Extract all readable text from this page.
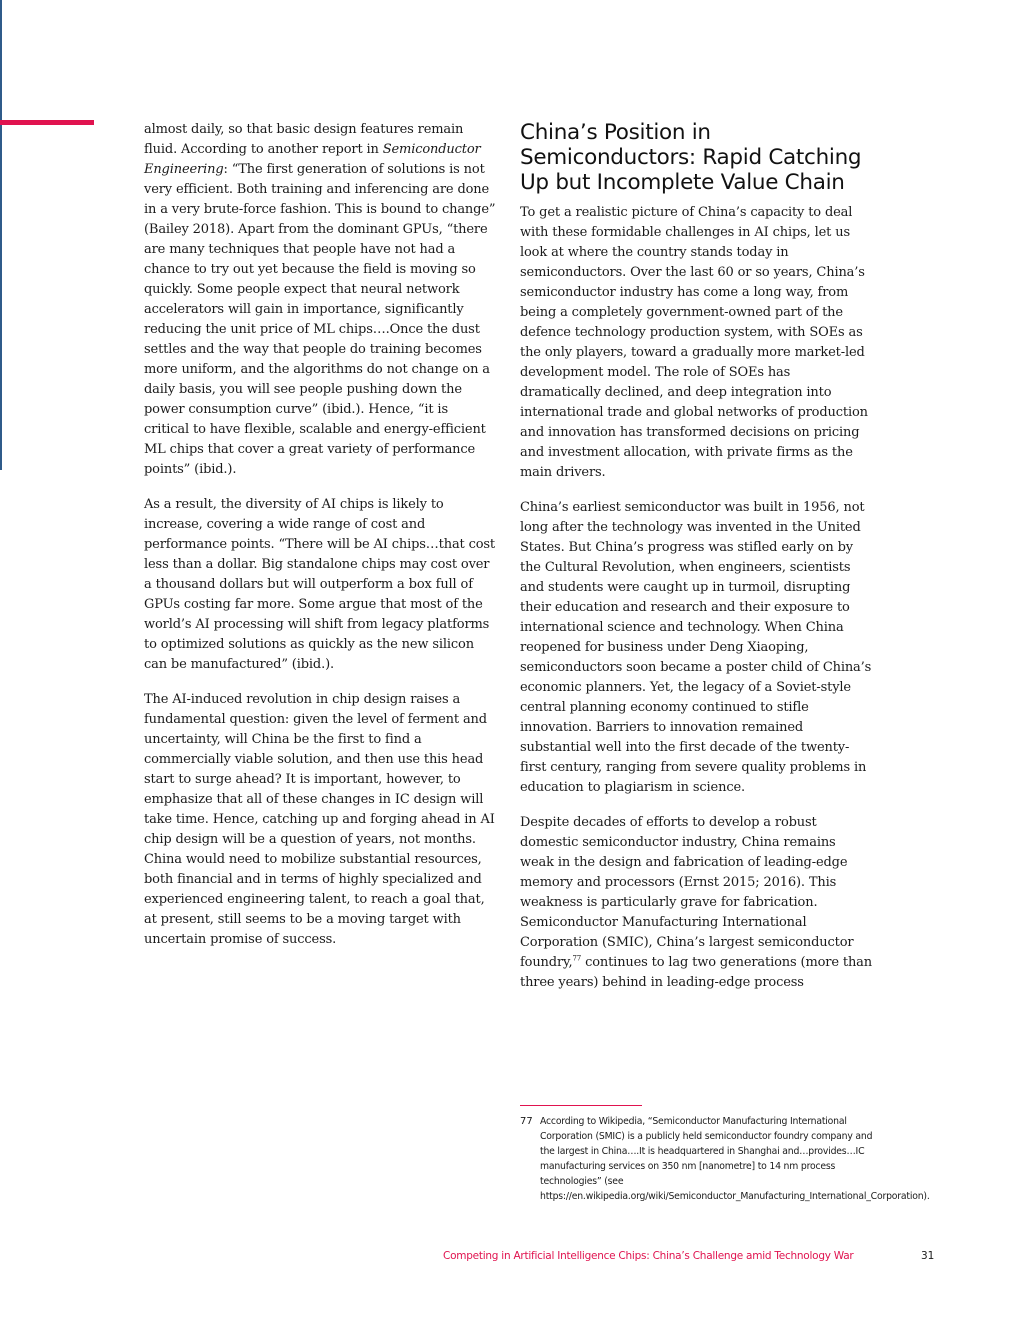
almost daily, so that basic design features remain fluid. According to another report in Semiconductor Engineering: “The first generation of solutions is not very efficient. Both training and inferencing are done in a very brute-force fashion. This is bound to change” (Bailey 2018). Apart from the dominant GPUs, “there are many techniques that people have not had a chance to try out yet because the field is moving so quickly. Some people expect that neural network accelerators will gain in importance, significantly reducing the unit price of ML chips….Once the dust settles and the way that people do training becomes more uniform, and the algorithms do not change on a daily basis, you will see people pushing down the power consumption curve” (ibid.). Hence, “it is critical to have flexible, scalable and energy-efficient ML chips that cover a great variety of performance points” (ibid.).

As a result, the diversity of AI chips is likely to increase, covering a wide range of cost and performance points. “There will be AI chips…that cost less than a dollar. Big standalone chips may cost over a thousand dollars but will outperform a box full of GPUs costing far more. Some argue that most of the world’s AI processing will shift from legacy platforms to optimized solutions as quickly as the new silicon can be manufactured” (ibid.).

The AI-induced revolution in chip design raises a fundamental question: given the level of ferment and uncertainty, will China be the first to find a commercially viable solution, and then use this head start to surge ahead? It is important, however, to emphasize that all of these changes in IC design will take time. Hence, catching up and forging ahead in AI chip design will be a question of years, not months. China would need to mobilize substantial resources, both financial and in terms of highly specialized and experienced engineering talent, to reach a goal that, at present, still seems to be a moving target with uncertain promise of success.

China’s Position in Semiconductors: Rapid Catching Up but Incomplete Value Chain

To get a realistic picture of China’s capacity to deal with these formidable challenges in AI chips, let us look at where the country stands today in semiconductors. Over the last 60 or so years, China’s semiconductor industry has come a long way, from being a completely government-owned part of the defence technology production system, with SOEs as the only players, toward a gradually more market-led development model. The role of SOEs has dramatically declined, and deep integration into international trade and global networks of production and innovation has transformed decisions on pricing and investment allocation, with private firms as the main drivers.

China’s earliest semiconductor was built in 1956, not long after the technology was invented in the United States. But China’s progress was stifled early on by the Cultural Revolution, when engineers, scientists and students were caught up in turmoil, disrupting their education and research and their exposure to international science and technology. When China reopened for business under Deng Xiaoping, semiconductors soon became a poster child of China’s economic planners. Yet, the legacy of a Soviet-style central planning economy continued to stifle innovation. Barriers to innovation remained substantial well into the first decade of the twenty-first century, ranging from severe quality problems in education to plagiarism in science.

Despite decades of efforts to develop a robust domestic semiconductor industry, China remains weak in the design and fabrication of leading-edge memory and processors (Ernst 2015; 2016). This weakness is particularly grave for fabrication. Semiconductor Manufacturing International Corporation (SMIC), China’s largest semiconductor foundry,$^{77}$ continues to lag two generations (more than three years) behind in leading-edge process

77 According to Wikipedia, “Semiconductor Manufacturing International Corporation (SMIC) is a publicly held semiconductor foundry company and the largest in China….It is headquartered in Shanghai and…provides…IC manufacturing services on 350 nm [nanometre] to 14 nm process technologies” (see https://en.wikipedia.org/wiki/Semiconductor_Manufacturing_International_Corporation).
Competing in Artificial Intelligence Chips: China’s Challenge amid Technology War	31
